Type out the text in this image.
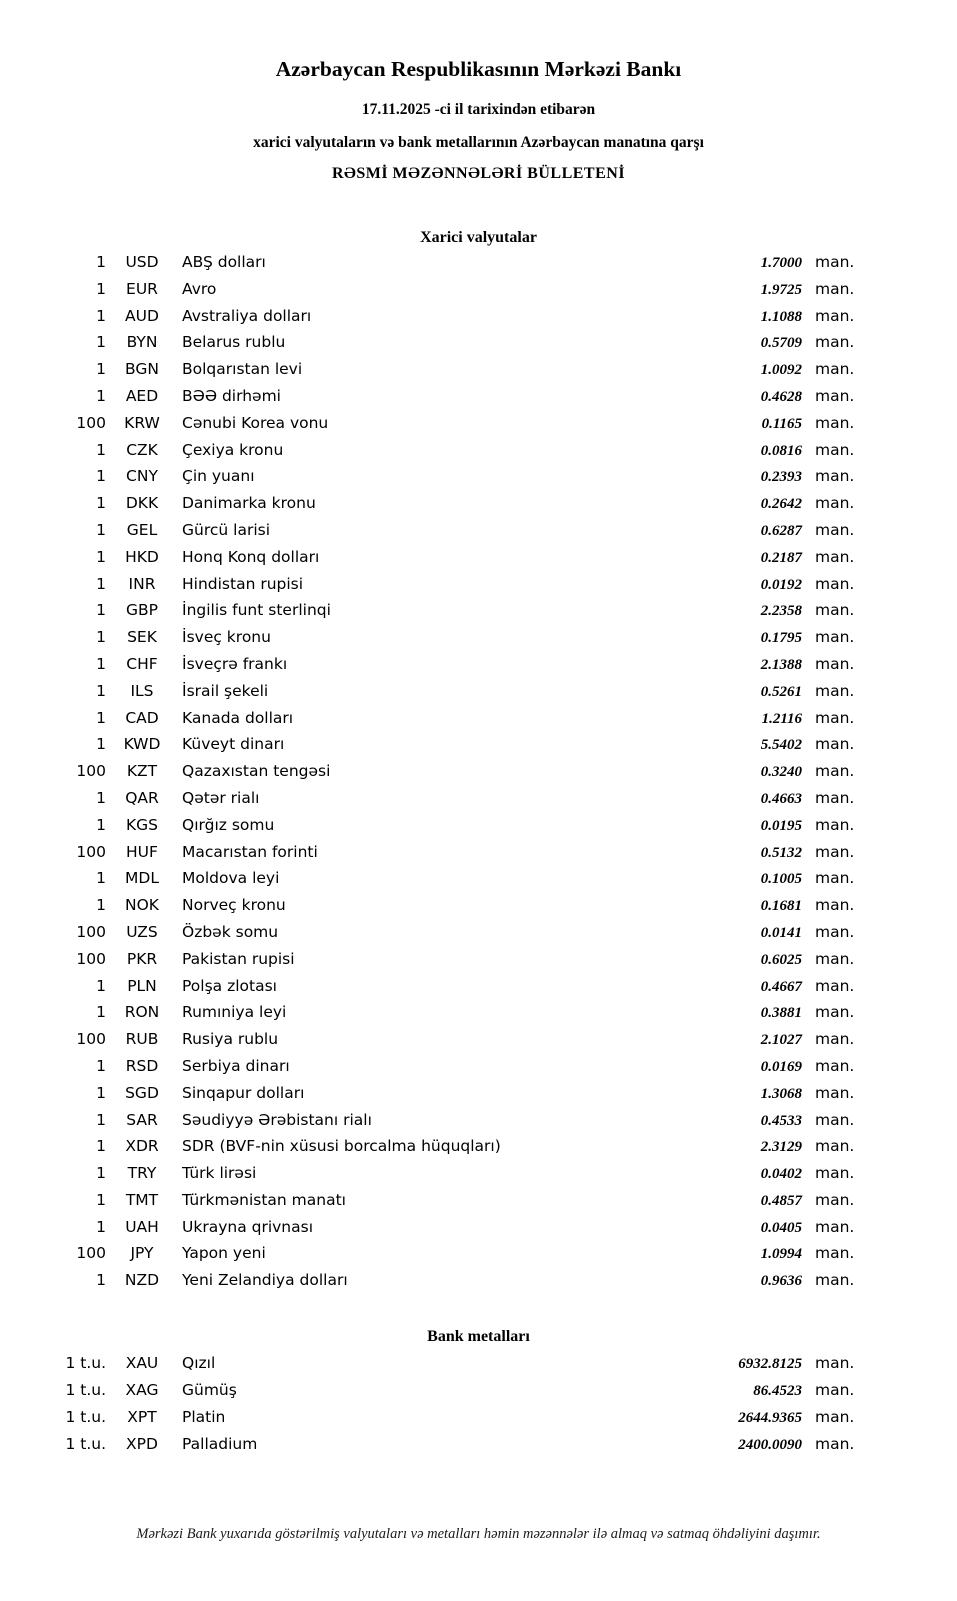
Azərbaycan Respublikasının Mərkəzi Bankı
17.11.2025 -ci il tarixindən etibarən
xarici valyutaların və bank metallarının Azərbaycan manatına qarşı
RƏSMİ MƏZƏNNƏLƏRİ BÜLLETENİ
Xarici valyutalar
1	USD	ABŞ dolları	1.7000 man.
1	EUR	Avro	1.9725 man.
1	AUD	Avstraliya dolları	1.1088 man.
1	BYN	Belarus rublu	0.5709 man.
1	BGN	Bolqarıstan levi	1.0092 man.
1	AED	BƏƏ dirhəmi	0.4628 man.
100	KRW	Cənubi Korea vonu	0.1165 man.
1	CZK	Çexiya kronu	0.0816 man.
1	CNY	Çin yuanı	0.2393 man.
1	DKK	Danimarka kronu	0.2642 man.
1	GEL	Gürcü larisi	0.6287 man.
1	HKD	Honq Konq dolları	0.2187 man.
1	INR	Hindistan rupisi	0.0192 man.
1	GBP	İngilis funt sterlinqi	2.2358 man.
1	SEK	İsveç kronu	0.1795 man.
1	CHF	İsveçrə frankı	2.1388 man.
1	ILS	İsrail şekeli	0.5261 man.
1	CAD	Kanada dolları	1.2116 man.
1	KWD	Küveyt dinarı	5.5402 man.
100	KZT	Qazaxıstan tengəsi	0.3240 man.
1	QAR	Qətər rialı	0.4663 man.
1	KGS	Qırğız somu	0.0195 man.
100	HUF	Macarıstan forinti	0.5132 man.
1	MDL	Moldova leyi	0.1005 man.
1	NOK	Norveç kronu	0.1681 man.
100	UZS	Özbək somu	0.0141 man.
100	PKR	Pakistan rupisi	0.6025 man.
1	PLN	Polşa zlotası	0.4667 man.
1	RON	Rumıniya leyi	0.3881 man.
100	RUB	Rusiya rublu	2.1027 man.
1	RSD	Serbiya dinarı	0.0169 man.
1	SGD	Sinqapur dolları	1.3068 man.
1	SAR	Səudiyyə Ərəbistanı rialı	0.4533 man.
1	XDR	SDR (BVF-nin xüsusi borcalma hüquqları)	2.3129 man.
1	TRY	Türk lirəsi	0.0402 man.
1	TMT	Türkmənistan manatı	0.4857 man.
1	UAH	Ukrayna qrivnası	0.0405 man.
100	JPY	Yapon yeni	1.0994 man.
1	NZD	Yeni Zelandiya dolları	0.9636 man.
Bank metalları
1 t.u.	XAU	Qızıl	6932.8125 man.
1 t.u.	XAG	Gümüş	86.4523 man.
1 t.u.	XPT	Platin	2644.9365 man.
1 t.u.	XPD	Palladium	2400.0090 man.
Mərkəzi Bank yuxarıda göstərilmiş valyutaları və metalları həmin məzənnələr ilə almaq və satmaq öhdəliyini daşımır.
